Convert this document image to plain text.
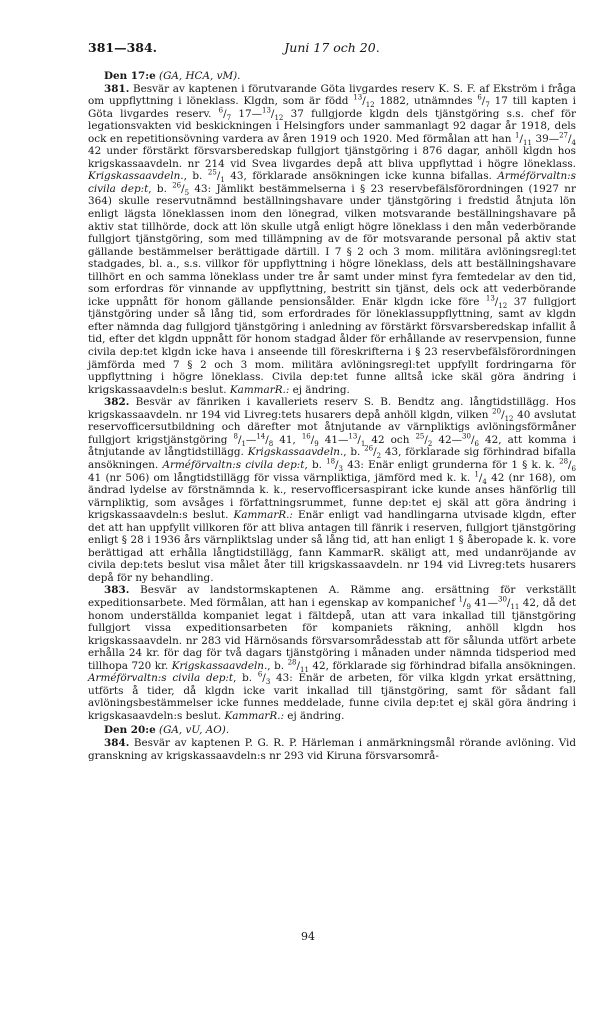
381—384.	Juni 17 och 20.

Den 17:e (GA, HCA, vM).

381. Besvär av kaptenen i förutvarande Göta livgardes reserv K. S. F. af Ekström i fråga om uppflyttning i löneklass. Klgdn, som är född $^{13}/_{12}$ 1882, utnämndes $^6/_7$ 17 till kapten i Göta livgardes reserv. $^6/_7$ $17—^{13}/_{12}$ 37 fullgjorde klgdn dels tjänstgöring s.s. chef för legationsvakten vid beskickningen i Helsingfors under sammanlagt 92 dagar år 1918, dels ock en repetitionsövning vardera av åren 1919 och 1920. Med förmålan att han $^1/_{11}$ $39—^{27}/_4$ 42 under förstärkt försvarsberedskap fullgjort tjänstgöring i 876 dagar, anhöll klgdn hos krigskassaavdeln. nr 214 vid Svea livgardes depå att bliva uppflyttad i högre löneklass. Krigskassaavdeln., b. $^{25}/_1$ 43, förklarade ansökningen icke kunna bifallas. Arméförvaltn:s civila dep:t, b. $^{26}/_5$ 43: Jämlikt bestämmelserna i § 23 reservbefälsförordningen (1927 nr 364) skulle reservutnämnd beställningshavare under tjänstgöring i fredstid åtnjuta lön enligt lägsta löneklassen inom den lönegrad, vilken motsvarande beställningshavare på aktiv stat tillhörde, dock att lön skulle utgå enligt högre löneklass i den mån vederbörande fullgjort tjänstgöring, som med tillämpning av de för motsvarande personal på aktiv stat gällande bestämmelser berättigade därtill. I 7 § 2 och 3 mom. militära avlöningsregl:tet stadgades, bl. a., s.s. villkor för uppflyttning i högre löneklass, dels att beställningshavare tillhört en och samma löneklass under tre år samt under minst fyra femtedelar av den tid, som erfordras för vinnande av uppflyttning, bestritt sin tjänst, dels ock att vederbörande icke uppnått för honom gällande pensionsålder. Enär klgdn icke före $^{13}/_{12}$ 37 fullgjort tjänstgöring under så lång tid, som erfordrades för löneklassuppflyttning, samt av klgdn efter nämnda dag fullgjord tjänstgöring i anledning av förstärkt försvarsberedskap infallit å tid, efter det klgdn uppnått för honom stadgad ålder för erhållande av reservpension, funne civila dep:tet klgdn icke hava i anseende till föreskrifterna i § 23 reservbefälsförordningen jämförda med 7 § 2 och 3 mom. militära avlöningsregl:tet uppfyllt fordringarna för uppflyttning i högre löneklass. Civila dep:tet funne alltså icke skäl göra ändring i krigskassaavdeln:s beslut. KammarR.: ej ändring.

382. Besvär av fänriken i kavalleriets reserv S. B. Bendtz ang. långtidstillägg. Hos krigskassaavdeln. nr 194 vid Livreg:tets husarers depå anhöll klgdn, vilken $^{20}/_{12}$ 40 avslutat reservofficersutbildning och därefter mot åtnjutande av värnpliktigs avlöningsförmåner fullgjort krigstjänstgöring $^8/_1—^{14}/_8$ 41, $^{16}/_9$ $41—^{13}/_1$ 42 och $^{25}/_2$ $42—^{30}/_6$ 42, att komma i åtnjutande av långtidstillägg. Krigskassaavdeln., b. $^{26}/_2$ 43, förklarade sig förhindrad bifalla ansökningen. Arméförvaltn:s civila dep:t, b. $^{18}/_3$ 43: Enär enligt grunderna för 1 § k. k. $^{28}/_6$ 41 (nr 506) om långtidstillägg för vissa värnpliktiga, jämförd med k. k. $^1/_4$ 42 (nr 168), om ändrad lydelse av förstnämnda k. k., reservofficersaspirant icke kunde anses hänförlig till värnpliktig, som avsåges i författningsrummet, funne dep:tet ej skäl att göra ändring i krigskassaavdeln:s beslut. KammarR.: Enär enligt vad handlingarna utvisade klgdn, efter det att han uppfyllt villkoren för att bliva antagen till fänrik i reserven, fullgjort tjänstgöring enligt § 28 i 1936 års värnpliktslag under så lång tid, att han enligt 1 § åberopade k. k. vore berättigad att erhålla långtidstillägg, fann KammarR. skäligt att, med undanröjande av civila dep:tets beslut visa målet åter till krigskassaavdeln. nr 194 vid Livreg:tets husarers depå för ny behandling.

383. Besvär av landstormskaptenen A. Rämme ang. ersättning för verkställt expeditionsarbete. Med förmålan, att han i egenskap av kompanichef $^1/_9$ $41—^{30}/_{11}$ 42, då det honom underställda kompaniet legat i fältdepå, utan att vara inkallad till tjänstgöring fullgjort vissa expeditionsarbeten för kompaniets räkning, anhöll klgdn hos krigskassaavdeln. nr 283 vid Härnösands försvarsområdesstab att för sålunda utfört arbete erhålla 24 kr. för dag för två dagars tjänstgöring i månaden under nämnda tidsperiod med tillhopa 720 kr. Krigskassaavdeln., b. $^{28}/_{11}$ 42, förklarade sig förhindrad bifalla ansökningen. Arméförvaltn:s civila dep:t, b. $^6/_3$ 43: Enär de arbeten, för vilka klgdn yrkat ersättning, utförts å tider, då klgdn icke varit inkallad till tjänstgöring, samt för sådant fall avlöningsbestämmelser icke funnes meddelade, funne civila dep:tet ej skäl göra ändring i krigskasaavdeln:s beslut. KammarR.: ej ändring.

Den 20:e (GA, vU, AO).

384. Besvär av kaptenen P. G. R. P. Härleman i anmärkningsmål rörande avlöning. Vid granskning av krigskassaavdeln:s nr 293 vid Kiruna försvarsområ-

94
